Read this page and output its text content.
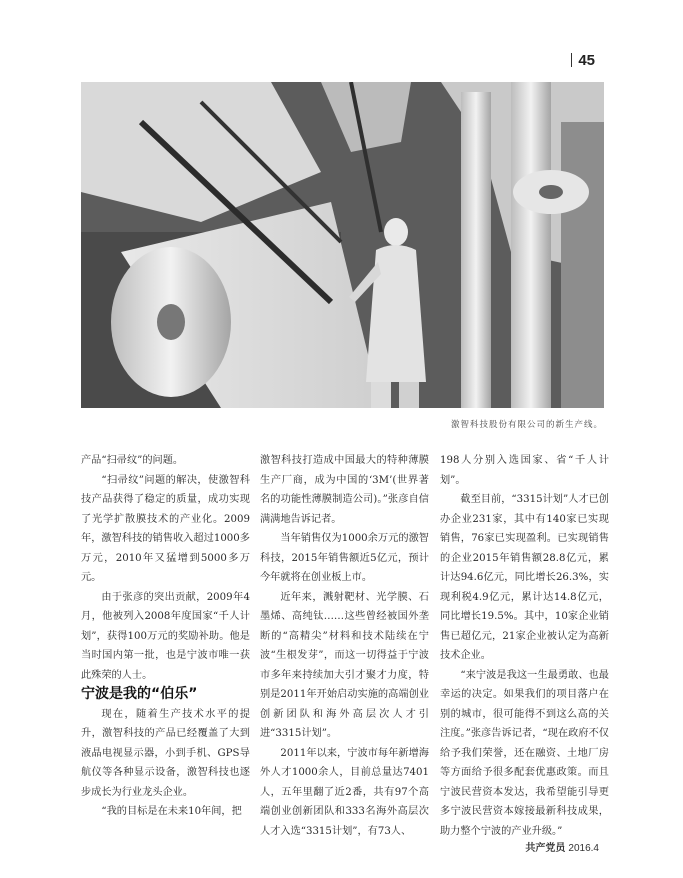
45
激智科技股份有限公司的新生产线。

产品“扫帚纹”的问题。

“扫帚纹”问题的解决，使激智科技产品获得了稳定的质量，成功实现了光学扩散膜技术的产业化。2009年，激智科技的销售收入超过1000多万元，2010年又猛增到5000多万元。

由于张彦的突出贡献，2009年4月，他被列入2008年度国家“千人计划”，获得100万元的奖励补助。他是当时国内第一批，也是宁波市唯一获此殊荣的人士。

宁波是我的“伯乐”

现在，随着生产技术水平的提升，激智科技的产品已经覆盖了大到液晶电视显示器，小到手机、GPS导航仪等各种显示设备，激智科技也逐步成长为行业龙头企业。

“我的目标是在未来10年间，把

激智科技打造成中国最大的特种薄膜生产厂商，成为中国的‘3M’(世界著名的功能性薄膜制造公司)。”张彦自信满满地告诉记者。

当年销售仅为1000余万元的激智科技，2015年销售额近5亿元，预计今年就将在创业板上市。

近年来，溅射靶材、光学膜、石墨烯、高纯钛……这些曾经被国外垄断的“高精尖”材料和技术陆续在宁波“生根发芽”，而这一切得益于宁波市多年来持续加大引才聚才力度，特别是2011年开始启动实施的高端创业创新团队和海外高层次人才引进“3315计划”。

2011年以来，宁波市每年新增海外人才1000余人，目前总量达7401人，五年里翻了近2番，共有97个高端创业创新团队和333名海外高层次人才入选“3315计划”，有73人、

198人分别入选国家、省“千人计划”。

截至目前，“3315计划”人才已创办企业231家，其中有140家已实现销售，76家已实现盈利。已实现销售的企业2015年销售额28.8亿元，累计达94.6亿元，同比增长26.3%，实现利税4.9亿元，累计达14.8亿元，同比增长19.5%。其中，10家企业销售已超亿元，21家企业被认定为高新技术企业。

“来宁波是我这一生最勇敢、也最幸运的决定。如果我们的项目落户在别的城市，很可能得不到这么高的关注度。”张彦告诉记者，“现在政府不仅给予我们荣誉，还在融资、土地厂房等方面给予很多配套优惠政策。而且宁波民营资本发达，我希望能引导更多宁波民营资本嫁接最新科技成果，助力整个宁波的产业升级。”

共产党员 2016.4
